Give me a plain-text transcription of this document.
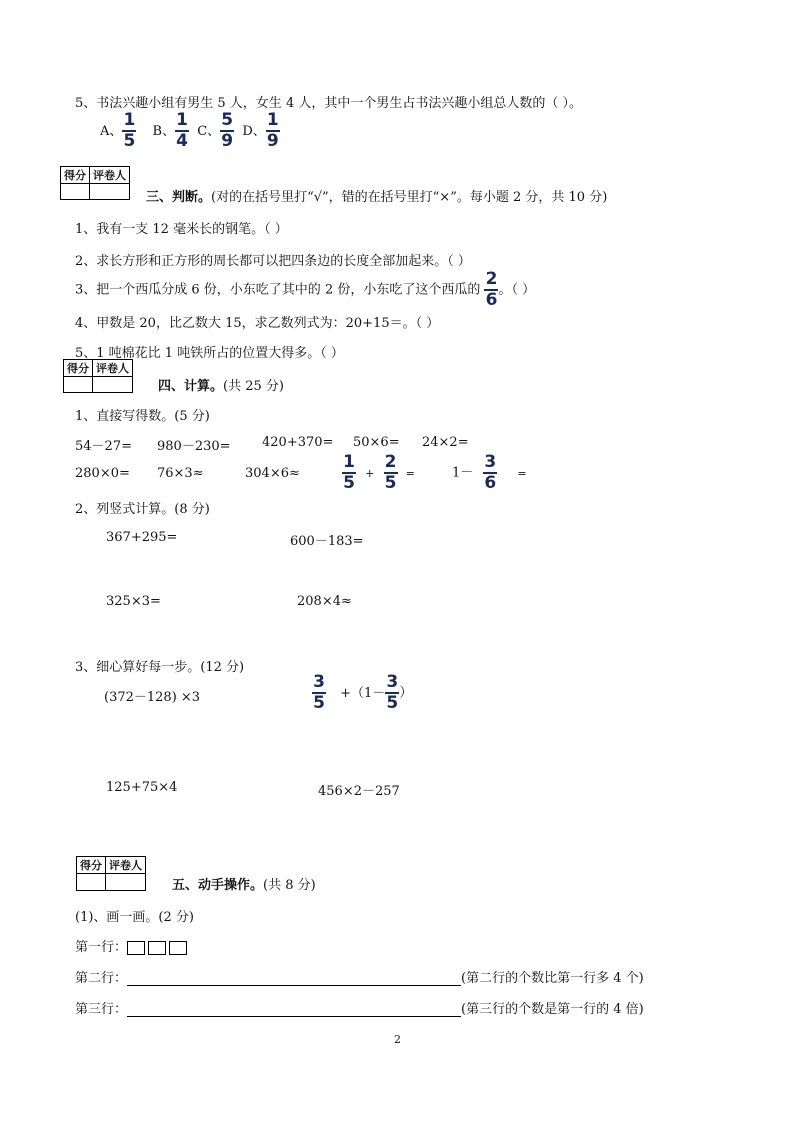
5、书法兴趣小组有男生 5 人，女生 4 人，其中一个男生占书法兴趣小组总人数的（ ）。
A、 $\frac{1}{5}$ B、 $\frac{1}{4}$ C、 $\frac{5}{9}$ D、 $\frac{1}{9}$
得分	评卷人

三、判断。(对的在括号里打“√”，错的在括号里打“×”。每小题 2 分，共 10 分)
1、我有一支 12 毫米长的钢笔。（ ）
2、求长方形和正方形的周长都可以把四条边的长度全部加起来。（ ）
3、把一个西瓜分成 6 份，小东吃了其中的 2 份，小东吃了这个西瓜的 $\frac{2}{6}$ 。（ ）
4、甲数是 20，比乙数大 15，求乙数列式为：20+15＝。（ ）
5、1 吨棉花比 1 吨铁所占的位置大得多。（ ）
得分	评卷人

四、计算。(共 25 分)
1、直接写得数。(5 分)
54－27= 980－230= 420+370= 50×6= 24×2=
280×0= 76×3≈	$304\times 6\approx \frac{1}{5} + \frac{2}{5}$ =	$1- \frac{3}{6}$ =
2、列竖式计算。(8 分)
367+295=	600－183=
325×3=	208×4≈
3、细心算好每一步。(12 分)
(372－128) ×3	$\frac{3}{5} +(1- \frac{3}{5}$ ）
125+75×4	456×2－257
得分	评卷人

五、动手操作。(共 8 分)
(1)、画一画。(2 分)
第一行：
第二行：	(第二行的个数比第一行多 4 个)
第三行：	(第三行的个数是第一行的 4 倍)
2
